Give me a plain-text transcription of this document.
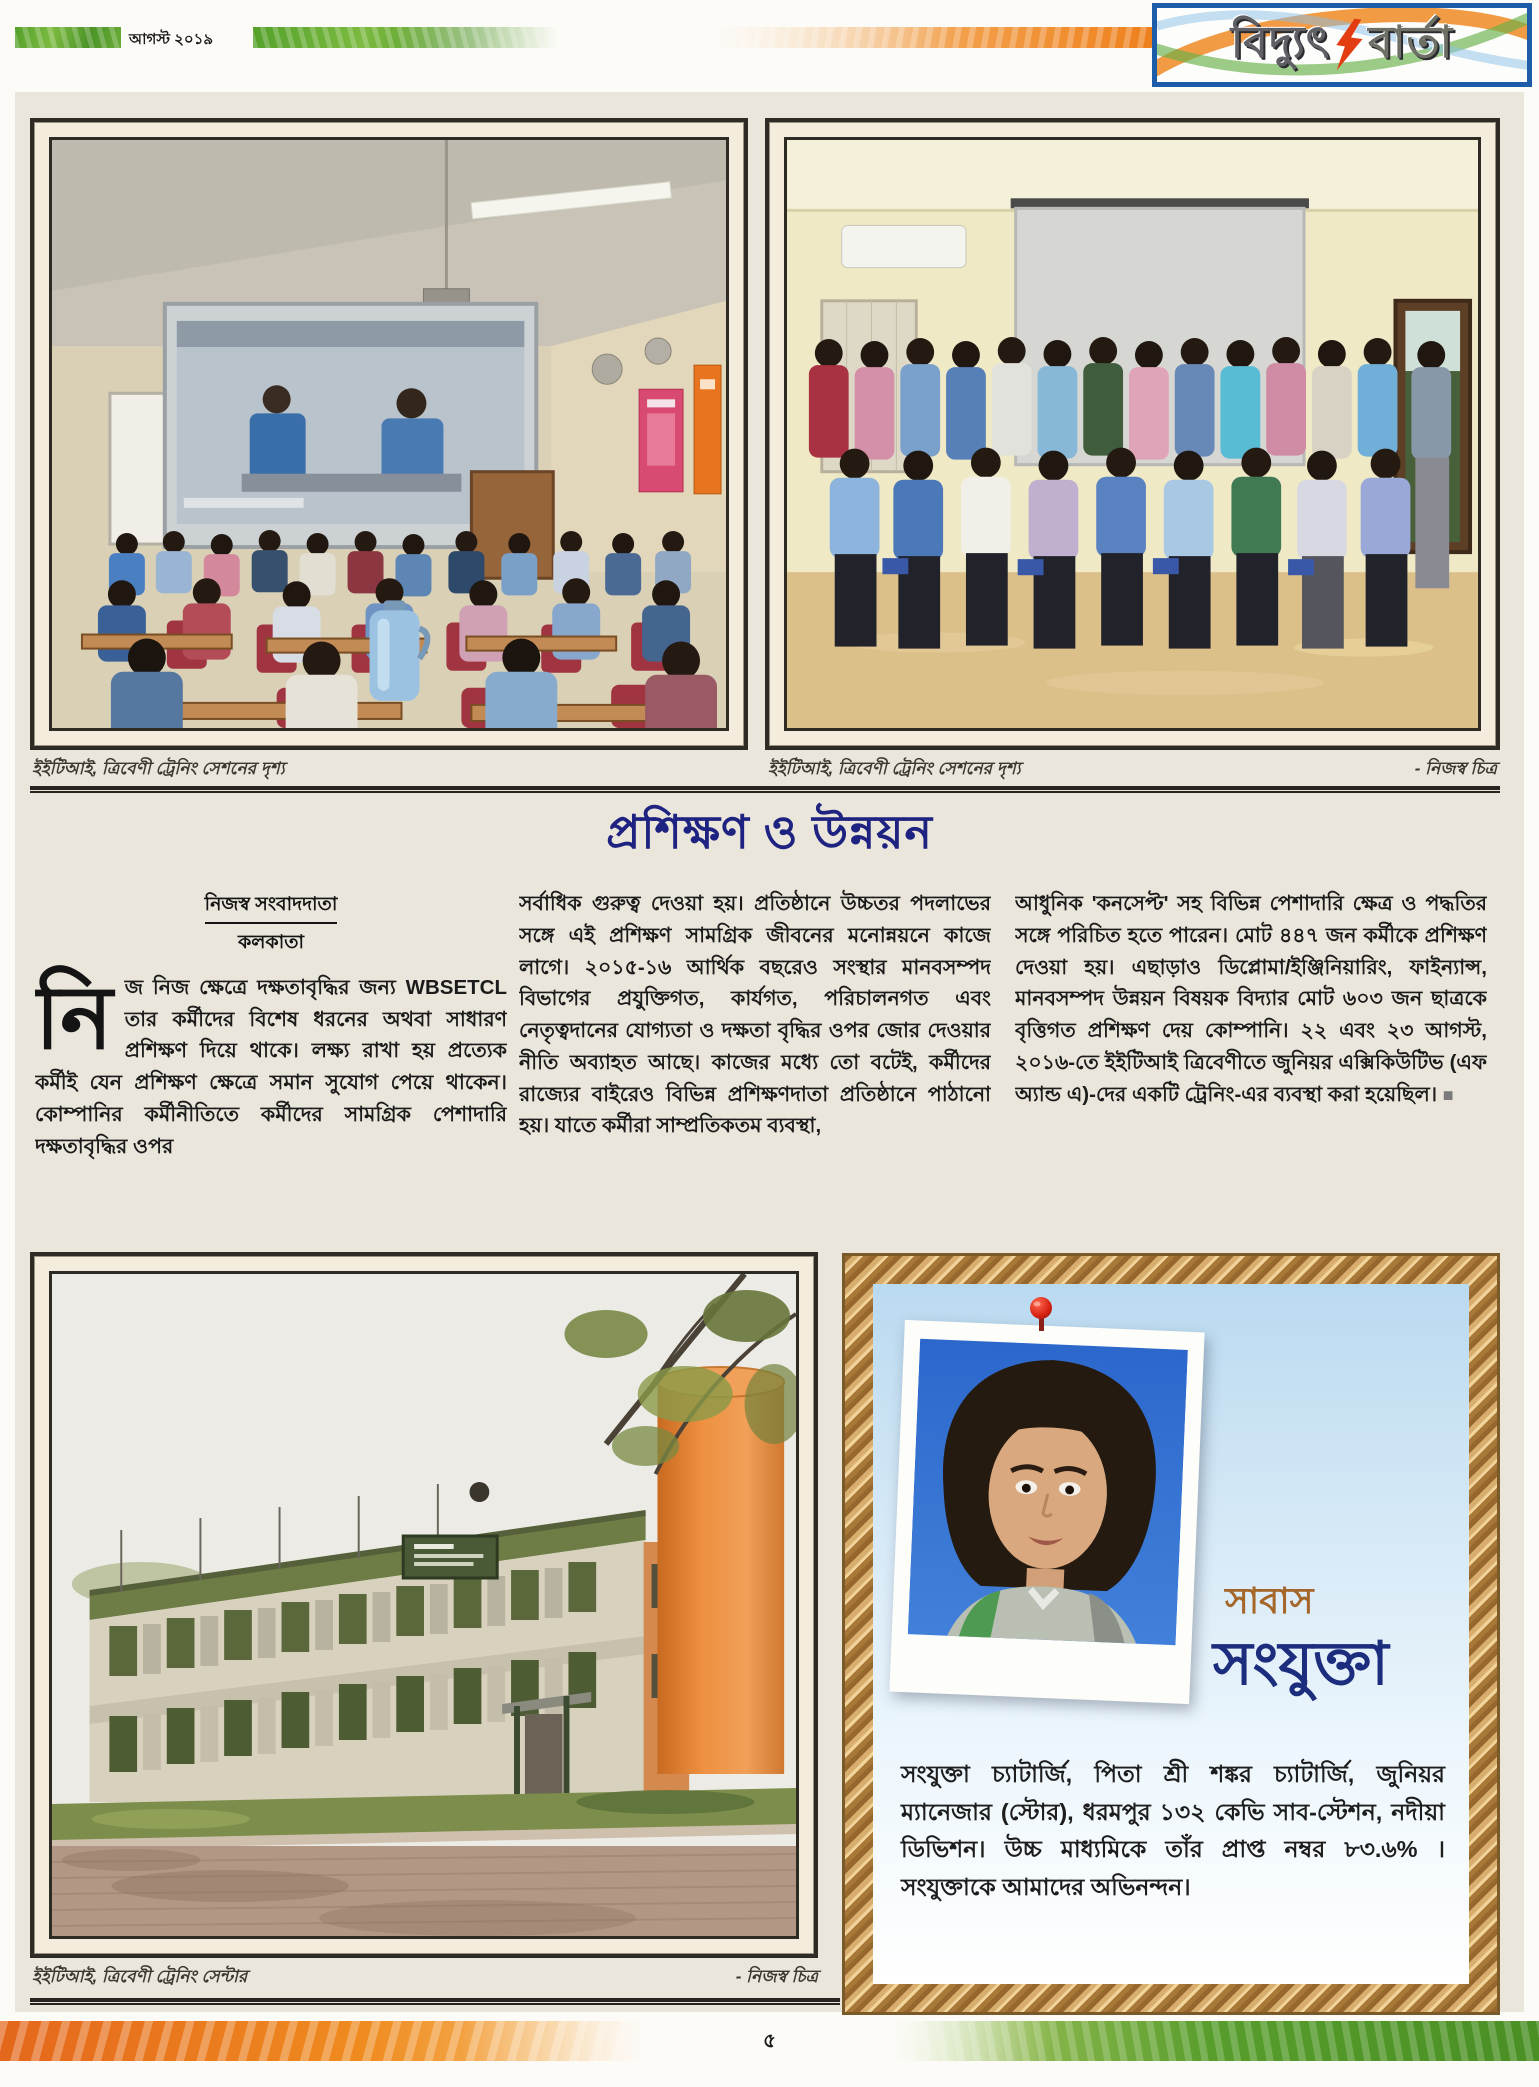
আগস্ট ২০১৯	বিদ্যুৎ বার্তা
ইইটিআই, ত্রিবেণী ট্রেনিং সেশনের দৃশ্য	ইইটিআই, ত্রিবেণী ট্রেনিং সেশনের দৃশ্য	- নিজস্ব চিত্র
প্রশিক্ষণ ও উন্নয়ন
নিজস্ব সংবাদদাতা
কলকাতা
নি জ নিজ ক্ষেত্রে দক্ষতাবৃদ্ধির জন্য WBSETCL তার কর্মীদের বিশেষ ধরনের অথবা সাধারণ প্রশিক্ষণ দিয়ে থাকে। লক্ষ্য রাখা হয় প্রত্যেক কর্মীই যেন প্রশিক্ষণ ক্ষেত্রে সমান সুযোগ পেয়ে থাকেন। কোম্পানির কর্মীনীতিতে কর্মীদের সামগ্রিক পেশাদারি দক্ষতাবৃদ্ধির ওপর
সর্বাধিক গুরুত্ব দেওয়া হয়। প্রতিষ্ঠানে উচ্চতর পদলাভের সঙ্গে এই প্রশিক্ষণ সামগ্রিক জীবনের মনোন্নয়নে কাজে লাগে। ২০১৫-১৬ আর্থিক বছরেও সংস্থার মানবসম্পদ বিভাগের প্রযুক্তিগত, কার্যগত, পরিচালনগত এবং নেতৃত্বদানের যোগ্যতা ও দক্ষতা বৃদ্ধির ওপর জোর দেওয়ার নীতি অব্যাহত আছে। কাজের মধ্যে তো বটেই, কর্মীদের রাজ্যের বাইরেও বিভিন্ন প্রশিক্ষণদাতা প্রতিষ্ঠানে পাঠানো হয়। যাতে কর্মীরা সাম্প্রতিকতম ব্যবস্থা,
আধুনিক 'কনসেপ্ট' সহ বিভিন্ন পেশাদারি ক্ষেত্র ও পদ্ধতির সঙ্গে পরিচিত হতে পারেন। মোট ৪৪৭ জন কর্মীকে প্রশিক্ষণ দেওয়া হয়। এছাড়াও ডিপ্লোমা/ইঞ্জিনিয়ারিং, ফাইন্যান্স, মানবসম্পদ উন্নয়ন বিষয়ক বিদ্যার মোট ৬০৩ জন ছাত্রকে বৃত্তিগত প্রশিক্ষণ দেয় কোম্পানি। ২২ এবং ২৩ আগস্ট, ২০১৬-তে ইইটিআই ত্রিবেণীতে জুনিয়র এক্সিকিউটিভ (এফ অ্যান্ড এ)-দের একটি ট্রেনিং-এর ব্যবস্থা করা হয়েছিল। ■
ইইটিআই, ত্রিবেণী ট্রেনিং সেন্টার	- নিজস্ব চিত্র
সাবাস
সংযুক্তা
সংযুক্তা চ্যাটার্জি, পিতা শ্রী শঙ্কর চ্যাটার্জি, জুনিয়র ম্যানেজার (স্টোর), ধরমপুর ১৩২ কেভি সাব-স্টেশন, নদীয়া ডিভিশন। উচ্চ মাধ্যমিকে তাঁর প্রাপ্ত নম্বর ৮৩.৬% । সংযুক্তাকে আমাদের অভিনন্দন।
৫
